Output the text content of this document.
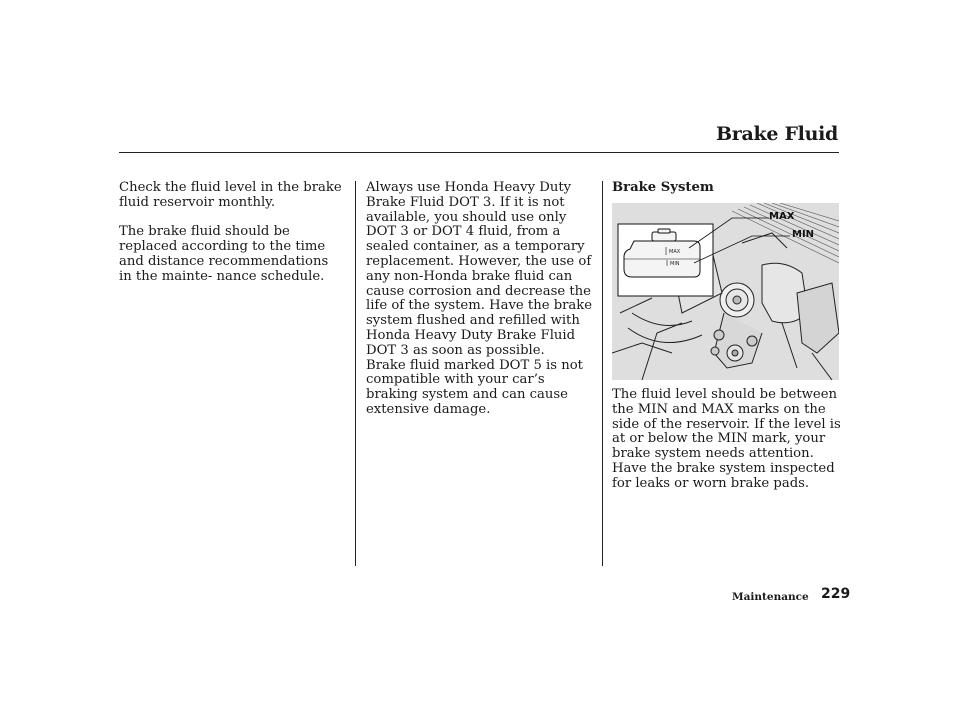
Brake Fluid

Check the fluid level in the brake fluid reservoir monthly.

The brake fluid should be replaced according to the time and distance recommendations in the mainte- nance schedule.

Always use Honda Heavy Duty Brake Fluid DOT 3. If it is not available, you should use only DOT 3 or DOT 4 fluid, from a sealed container, as a temporary replacement. However, the use of any non-Honda brake fluid can cause corrosion and decrease the life of the system. Have the brake system flushed and refilled with Honda Heavy Duty Brake Fluid DOT 3 as soon as possible.

Brake fluid marked DOT 5 is not compatible with your car’s braking system and can cause extensive damage.

Brake System

MAX
MIN
MAX
MIN

The fluid level should be between the MIN and MAX marks on the side of the reservoir. If the level is at or below the MIN mark, your brake system needs attention. Have the brake system inspected for leaks or worn brake pads.

Maintenance 229
